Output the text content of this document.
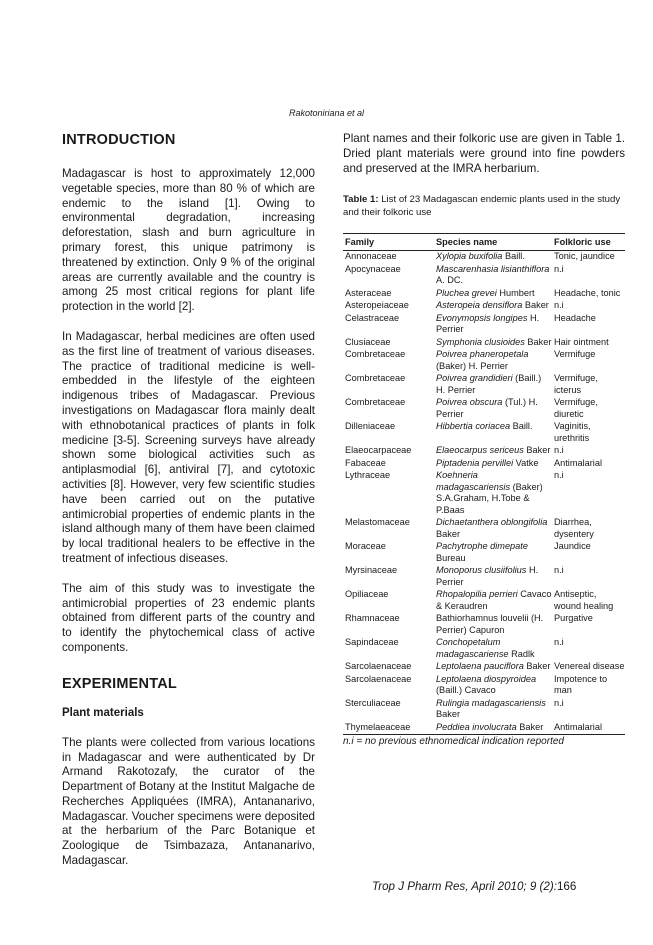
Rakotoniriana et al
INTRODUCTION

Madagascar is host to approximately 12,000 vegetable species, more than 80 % of which are endemic to the island [1]. Owing to environmental degradation, increasing deforestation, slash and burn agriculture in primary forest, this unique patrimony is threatened by extinction. Only 9 % of the original areas are currently available and the country is among 25 most critical regions for plant life protection in the world [2].

In Madagascar, herbal medicines are often used as the first line of treatment of various diseases. The practice of traditional medicine is well-embedded in the lifestyle of the eighteen indigenous tribes of Madagascar. Previous investigations on Madagascar flora mainly dealt with ethnobotanical practices of plants in folk medicine [3-5]. Screening surveys have already shown some biological activities such as antiplasmodial [6], antiviral [7], and cytotoxic activities [8]. However, very few scientific studies have been carried out on the putative antimicrobial properties of endemic plants in the island although many of them have been claimed by local traditional healers to be effective in the treatment of infectious diseases.

The aim of this study was to investigate the antimicrobial properties of 23 endemic plants obtained from different parts of the country and to identify the phytochemical class of active components.

EXPERIMENTAL
Plant materials

The plants were collected from various locations in Madagascar and were authenticated by Dr Armand Rakotozafy, the curator of the Department of Botany at the Institut Malgache de Recherches Appliquées (IMRA), Antananarivo, Madagascar. Voucher specimens were deposited at the herbarium of the Parc Botanique et Zoologique de Tsimbazaza, Antananarivo, Madagascar.

Plant names and their folkoric use are given in Table 1. Dried plant materials were ground into fine powders and preserved at the IMRA herbarium.

Table 1: List of 23 Madagascan endemic plants used in the study and their folkoric use

Family	Species name	Folkloric use
Annonaceae	Xylopia buxifolia Baill.	Tonic, jaundice
Apocynaceae	Mascarenhasia lisianthiflora A. DC.	n.i
Asteraceae	Pluchea grevei Humbert	Headache, tonic
Asteropeiaceae	Asteropeia densiflora Baker	n.i
Celastraceae	Evonymopsis longipes H. Perrier	Headache
Clusiaceae	Symphonia clusioides Baker	Hair ointment
Combretaceae	Poivrea phaneropetala (Baker) H. Perrier	Vermifuge
Combretaceae	Poivrea grandidieri (Baill.) H. Perrier	Vermifuge, icterus
Combretaceae	Poivrea obscura (Tul.) H. Perrier	Vermifuge, diuretic
Dilleniaceae	Hibbertia coriacea Baill.	Vaginitis, urethritis
Elaeocarpaceae	Elaeocarpus sericeus Baker	n.i
Fabaceae	Piptadenia pervillei Vatke	Antimalarial
Lythraceae	Koehneria madagascariensis (Baker) S.A.Graham, H.Tobe & P.Baas	n.i
Melastomaceae	Dichaetanthera oblongifolia Baker	Diarrhea, dysentery
Moraceae	Pachytrophe dimepate Bureau	Jaundice
Myrsinaceae	Monoporus clusiifolius H. Perrier	n.i
Opiliaceae	Rhopalopilia perrieri Cavaco & Keraudren	Antiseptic, wound healing
Rhamnaceae	Bathiorhamnus louvelii (H. Perrier) Capuron	Purgative
Sapindaceae	Conchopetalum madagascariense Radlk	n.i
Sarcolaenaceae	Leptolaena pauciflora Baker	Venereal disease
Sarcolaenaceae	Leptolaena diospyroidea (Baill.) Cavaco	Impotence to man
Sterculiaceae	Rulingia madagascariensis Baker	n.i
Thymelaeaceae	Peddiea involucrata Baker	Antimalarial
n.i = no previous ethnomedical indication reported
Trop J Pharm Res, April 2010; 9 (2):166
